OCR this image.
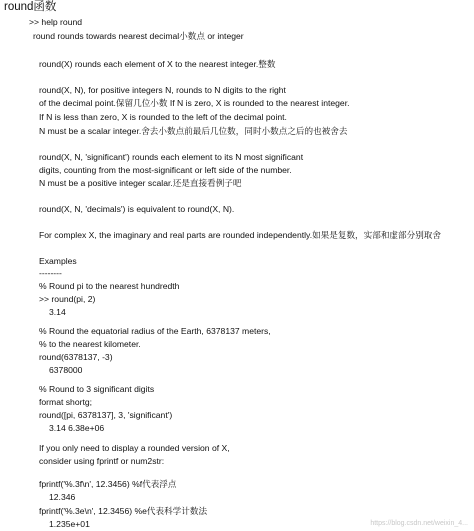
round函数
>> help round
round rounds towards nearest decimal小数点 or integer
round(X) rounds each element of X to the nearest integer.整数
round(X, N), for positive integers N, rounds to N digits to the right
of the decimal point.保留几位小数 If N is zero, X is rounded to the nearest integer.
If N is less than zero, X is rounded to the left of the decimal point.
N must be a scalar integer.舍去小数点前最后几位数，同时小数点之后的也被舍去
round(X, N, 'significant') rounds each element to its N most significant
digits, counting from the most-significant or left side of the number.
N must be a positive integer scalar.还是直接看例子吧
round(X, N, 'decimals') is equivalent to round(X, N).
For complex X, the imaginary and real parts are rounded independently.如果是复数，实部和虚部分别取舍
Examples
--------
% Round pi to the nearest hundredth
>> round(pi, 2)
3.14
% Round the equatorial radius of the Earth, 6378137 meters,
% to the nearest kilometer.
round(6378137, -3)
6378000
% Round to 3 significant digits
format shortg;
round([pi, 6378137], 3, 'significant')
3.14 6.38e+06
If you only need to display a rounded version of X,
consider using fprintf or num2str:
fprintf('%.3f\n', 12.3456) %f代表浮点
12.346
fprintf('%.3e\n', 12.3456) %e代表科学计数法
1.235e+01	https://blog.csdn.net/weixin_4...
